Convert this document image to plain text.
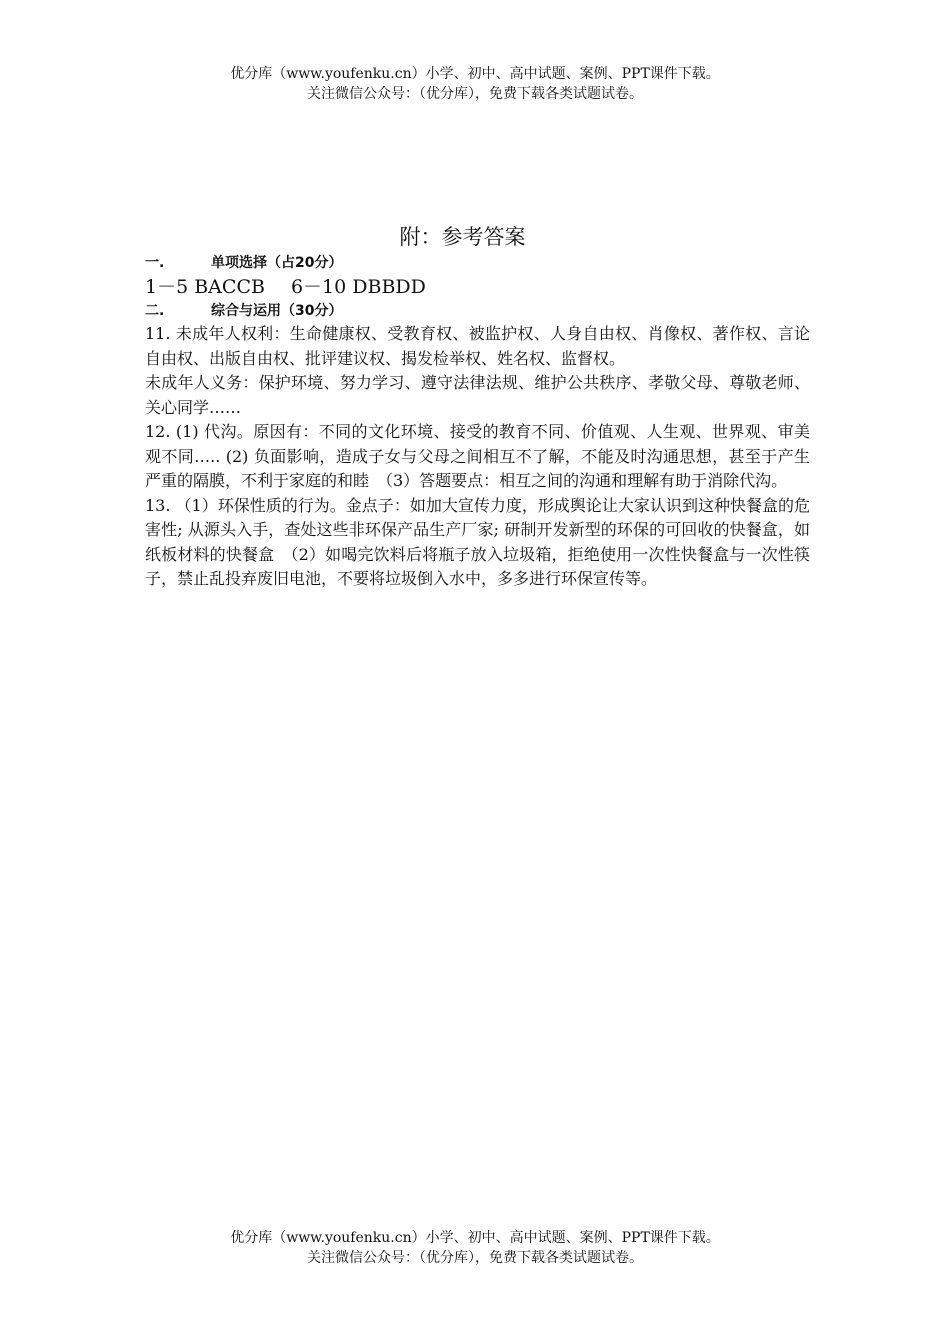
优分库（www.youfenku.cn）小学、初中、高中试题、案例、PPT课件下载。
关注微信公众号：（优分库），免费下载各类试题试卷。
附：参考答案
一.	单项选择（占20分）
1－5 BACCB 6－10 DBBDD
二.	综合与运用（30分）

11. 未成年人权利：生命健康权、受教育权、被监护权、人身自由权、肖像权、著作权、言论自由权、出版自由权、批评建议权、揭发检举权、姓名权、监督权。

未成年人义务：保护环境、努力学习、遵守法律法规、维护公共秩序、孝敬父母、尊敬老师、关心同学……

12. (1) 代沟。原因有：不同的文化环境、接受的教育不同、价值观、人生观、世界观、审美观不同….. (2) 负面影响，造成子女与父母之间相互不了解，不能及时沟通思想，甚至于产生严重的隔膜，不利于家庭的和睦　（3）答题要点：相互之间的沟通和理解有助于消除代沟。

13. （1）环保性质的行为。金点子：如加大宣传力度，形成舆论让大家认识到这种快餐盒的危害性; 从源头入手，查处这些非环保产品生产厂家; 研制开发新型的环保的可回收的快餐盒，如纸板材料的快餐盒　（2）如喝完饮料后将瓶子放入垃圾箱，拒绝使用一次性快餐盒与一次性筷子，禁止乱投弃废旧电池，不要将垃圾倒入水中，多多进行环保宣传等。

优分库（www.youfenku.cn）小学、初中、高中试题、案例、PPT课件下载。
关注微信公众号：（优分库），免费下载各类试题试卷。
